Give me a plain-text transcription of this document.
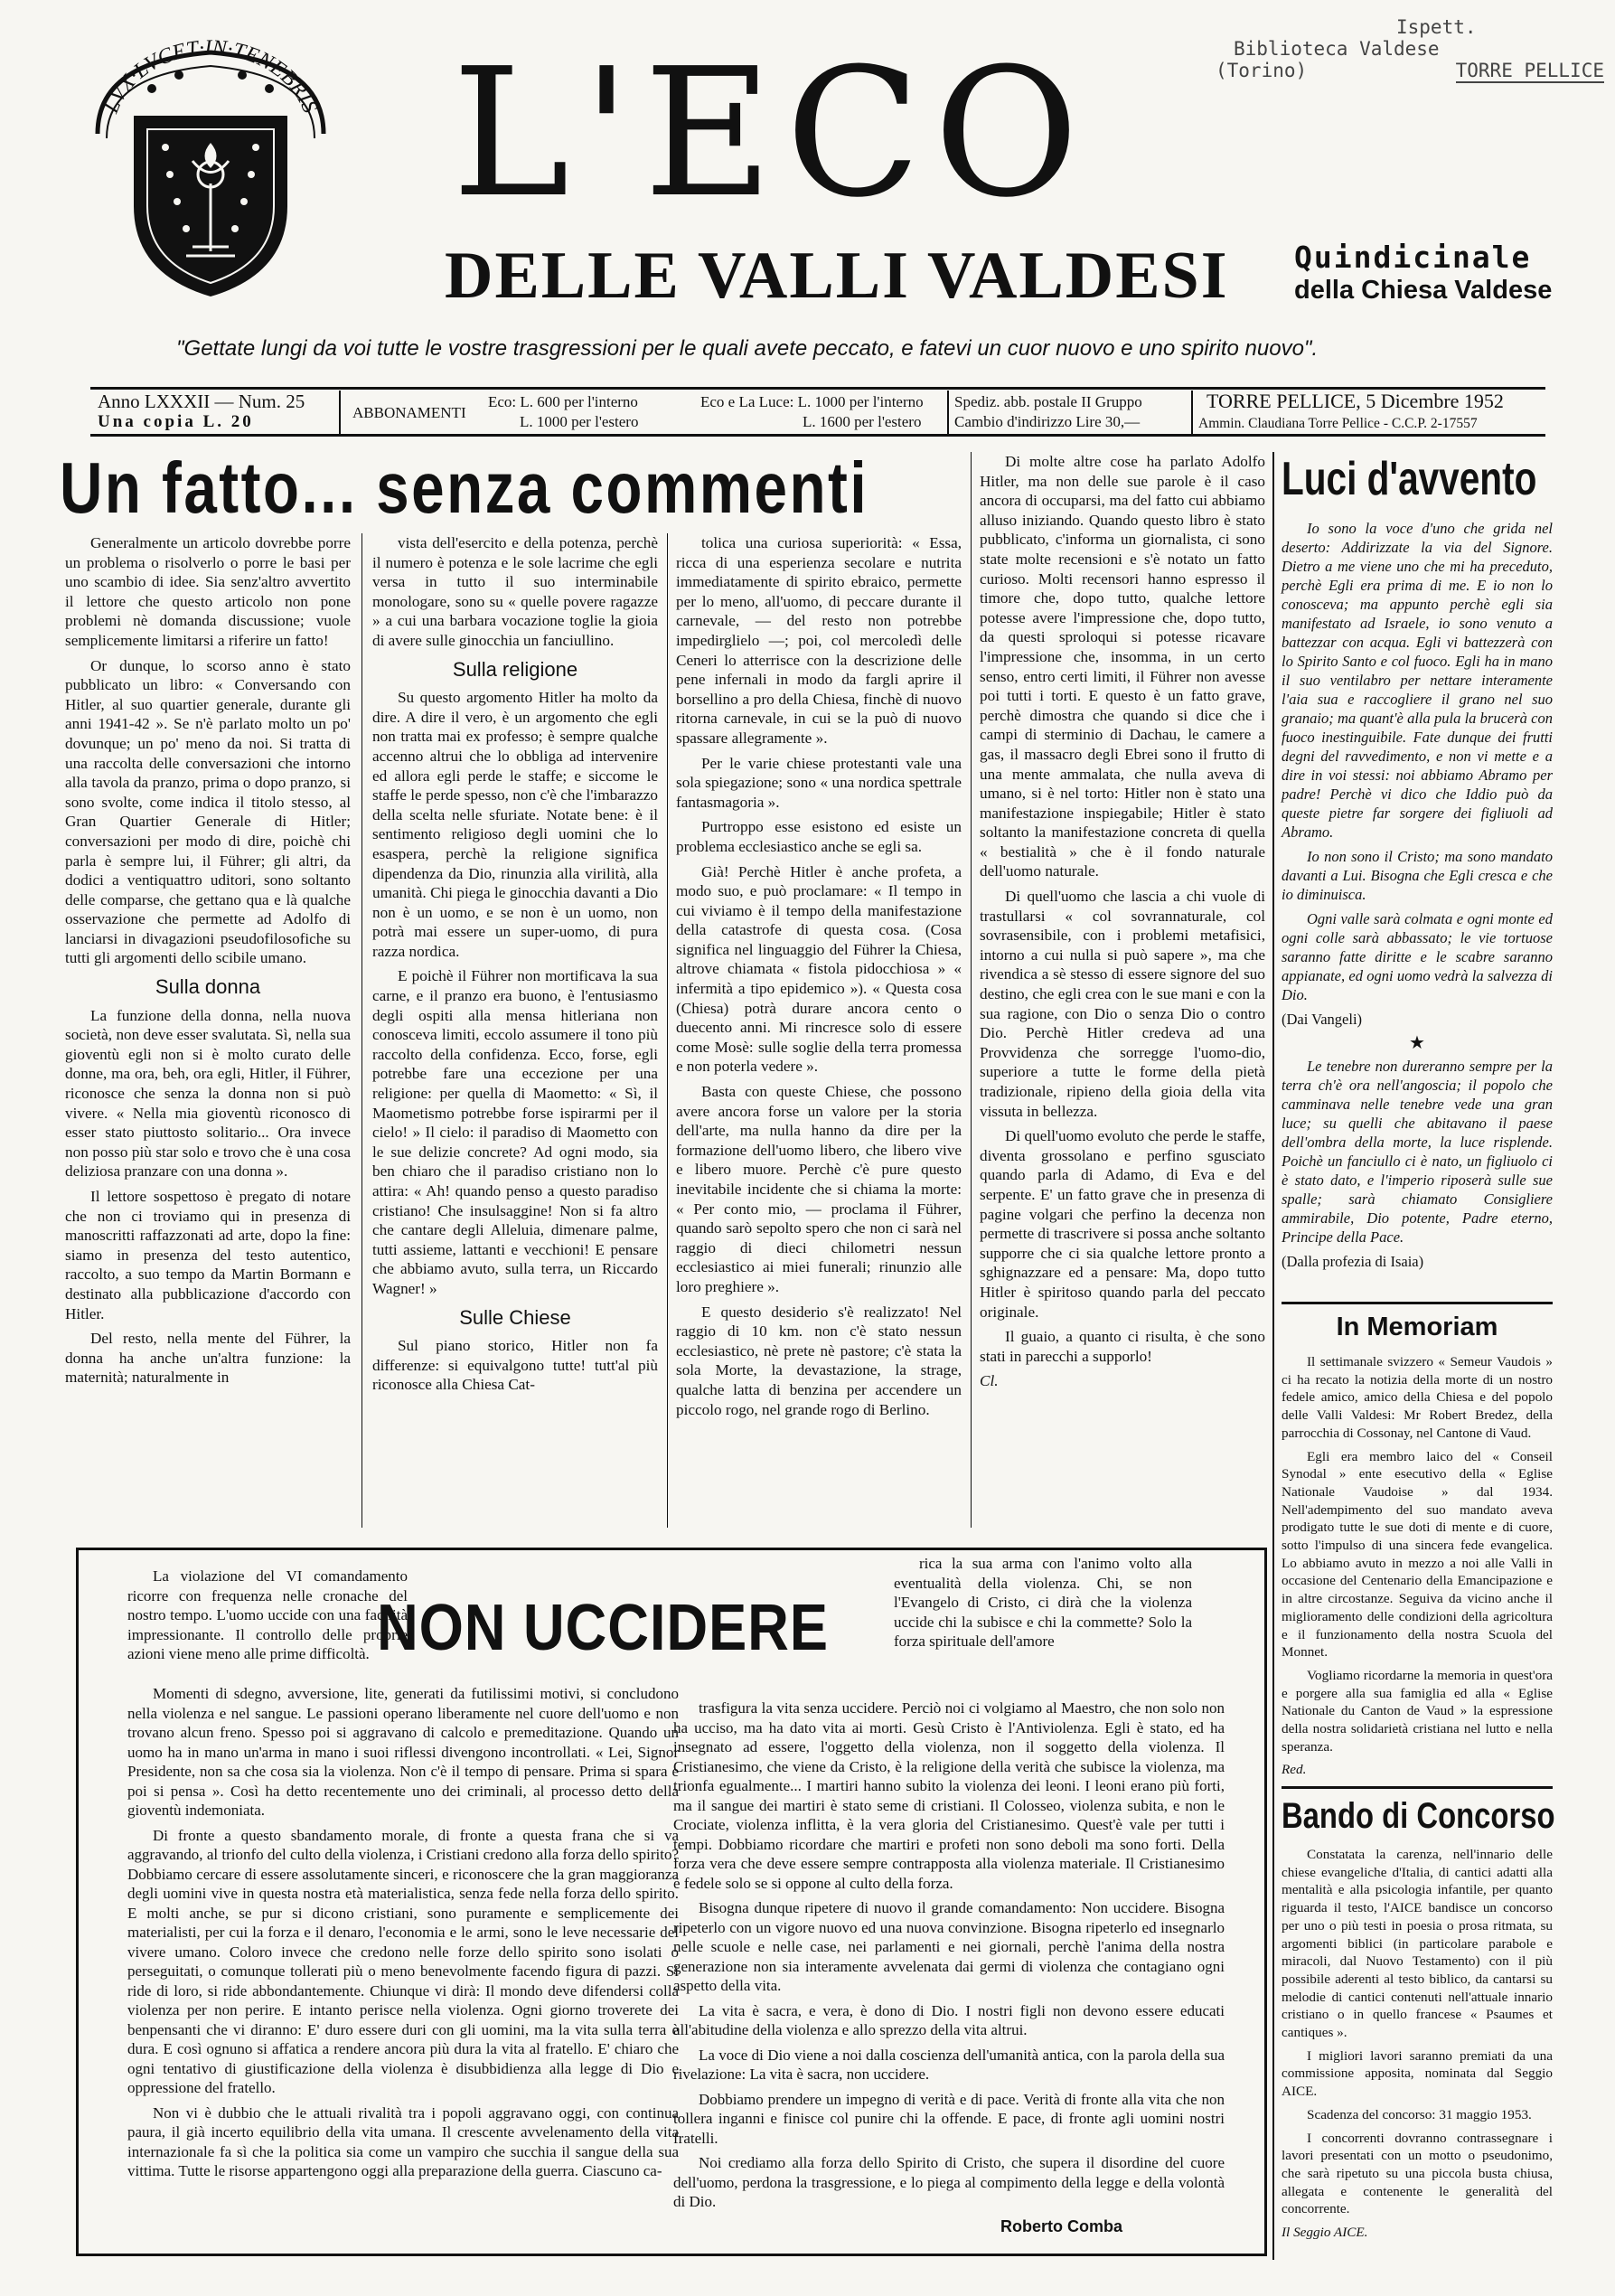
LVX·LVCET·IN·TENEBRIS L'ECO
DELLE VALLI VALDESI
Ispett.
Biblioteca Valdese
(Torino)	TORRE PELLICE
Quindicinale
della Chiesa Valdese
"Gettate lungi da voi tutte le vostre trasgressioni per le quali avete peccato, e fatevi un cuor nuovo e uno spirito nuovo".
Anno LXXXII — Num. 25
Una copia L. 20	ABBONAMENTI
Eco: L. 600 per l'interno
L. 1000 per l'estero
Eco e La Luce: L. 1000 per l'interno
L. 1600 per l'estero
Spediz. abb. postale II Gruppo
Cambio d'indirizzo Lire 30,—
TORRE PELLICE, 5 Dicembre 1952
Ammin. Claudiana Torre Pellice - C.C.P. 2-17557
Un fatto... senza commenti

Generalmente un articolo dovrebbe porre un problema o risolverlo o porre le basi per uno scambio di idee. Sia senz'altro avvertito il lettore che questo articolo non pone problemi nè domanda discussione; vuole semplicemente limitarsi a riferire un fatto!

Or dunque, lo scorso anno è stato pubblicato un libro: « Conversando con Hitler, al suo quartier generale, durante gli anni 1941-42 ». Se n'è parlato molto un po' dovunque; un po' meno da noi. Si tratta di una raccolta delle conversazioni che intorno alla tavola da pranzo, prima o dopo pranzo, si sono svolte, come indica il titolo stesso, al Gran Quartier Generale di Hitler; conversazioni per modo di dire, poichè chi parla è sempre lui, il Führer; gli altri, da dodici a ventiquattro uditori, sono soltanto delle comparse, che gettano qua e là qualche osservazione che permette ad Adolfo di lanciarsi in divagazioni pseudofilosofiche su tutti gli argomenti dello scibile umano.

Sulla donna

La funzione della donna, nella nuova società, non deve esser svalutata. Sì, nella sua gioventù egli non si è molto curato delle donne, ma ora, beh, ora egli, Hitler, il Führer, riconosce che senza la donna non si può vivere. « Nella mia gioventù riconosco di esser stato piuttosto solitario... Ora invece non posso più star solo e trovo che è una cosa deliziosa pranzare con una donna ».

Il lettore sospettoso è pregato di notare che non ci troviamo qui in presenza di manoscritti raffazzonati ad arte, dopo la fine: siamo in presenza del testo autentico, raccolto, a suo tempo da Martin Bormann e destinato alla pubblicazione d'accordo con Hitler.

Del resto, nella mente del Führer, la donna ha anche un'altra funzione: la maternità; naturalmente in

vista dell'esercito e della potenza, perchè il numero è potenza e le sole lacrime che egli versa in tutto il suo interminabile monologare, sono su « quelle povere ragazze » a cui una barbara vocazione toglie la gioia di avere sulle ginocchia un fanciullino.

Sulla religione

Su questo argomento Hitler ha molto da dire. A dire il vero, è un argomento che egli non tratta mai ex professo; è sempre qualche accenno altrui che lo obbliga ad intervenire ed allora egli perde le staffe; e siccome le staffe le perde spesso, non c'è che l'imbarazzo della scelta nelle sfuriate. Notate bene: è il sentimento religioso degli uomini che lo esaspera, perchè la religione significa dipendenza da Dio, rinunzia alla virilità, alla umanità. Chi piega le ginocchia davanti a Dio non è un uomo, e se non è un uomo, non potrà mai essere un super-uomo, di pura razza nordica.

E poichè il Führer non mortificava la sua carne, e il pranzo era buono, è l'entusiasmo degli ospiti alla mensa hitleriana non conosceva limiti, eccolo assumere il tono più raccolto della confidenza. Ecco, forse, egli potrebbe fare una eccezione per una religione: per quella di Maometto: « Sì, il Maometismo potrebbe forse ispirarmi per il cielo! » Il cielo: il paradiso di Maometto con le sue delizie concrete? Ad ogni modo, sia ben chiaro che il paradiso cristiano non lo attira: « Ah! quando penso a questo paradiso cristiano! Che insulsaggine! Non si fa altro che cantare degli Alleluia, dimenare palme, tutti assieme, lattanti e vecchioni! E pensare che abbiamo avuto, sulla terra, un Riccardo Wagner! »

Sulle Chiese

Sul piano storico, Hitler non fa differenze: si equivalgono tutte! tutt'al più riconosce alla Chiesa Cat-

tolica una curiosa superiorità: « Essa, ricca di una esperienza secolare e nutrita immediatamente di spirito ebraico, permette per lo meno, all'uomo, di peccare durante il carnevale, — del resto non potrebbe impedirglielo —; poi, col mercoledì delle Ceneri lo atterrisce con la descrizione delle pene infernali in modo da fargli aprire il borsellino a pro della Chiesa, finchè di nuovo ritorna carnevale, in cui se la può di nuovo spassare allegramente ».

Per le varie chiese protestanti vale una sola spiegazione; sono « una nordica spettrale fantasmagoria ».

Purtroppo esse esistono ed esiste un problema ecclesiastico anche se egli sa.

Già! Perchè Hitler è anche profeta, a modo suo, e può proclamare: « Il tempo in cui viviamo è il tempo della manifestazione della catastrofe di questa cosa. (Cosa significa nel linguaggio del Führer la Chiesa, altrove chiamata « fistola pidocchiosa » « infermità a tipo epidemico »). « Questa cosa (Chiesa) potrà durare ancora cento o duecento anni. Mi rincresce solo di essere come Mosè: sulle soglie della terra promessa e non poterla vedere ».

Basta con queste Chiese, che possono avere ancora forse un valore per la storia dell'arte, ma nulla hanno da dire per la formazione dell'uomo libero, che libero vive e libero muore. Perchè c'è pure questo inevitabile incidente che si chiama la morte: « Per conto mio, — proclama il Führer, quando sarò sepolto spero che non ci sarà nel raggio di dieci chilometri nessun ecclesiastico ai miei funerali; rinunzio alle loro preghiere ».

E questo desiderio s'è realizzato! Nel raggio di 10 km. non c'è stato nessun ecclesiastico, nè prete nè pastore; c'è stata la sola Morte, la devastazione, la strage, qualche latta di benzina per accendere un piccolo rogo, nel grande rogo di Berlino.

Di molte altre cose ha parlato Adolfo Hitler, ma non delle sue parole è il caso ancora di occuparsi, ma del fatto cui abbiamo alluso iniziando. Quando questo libro è stato pubblicato, c'informa un giornalista, ci sono state molte recensioni e s'è notato un fatto curioso. Molti recensori hanno espresso il timore che, dopo tutto, qualche lettore potesse avere l'impressione che, dopo tutto, da questi sproloqui si potesse ricavare l'impressione che, insomma, in un certo senso, entro certi limiti, il Führer non avesse poi tutti i torti. E questo è un fatto grave, perchè dimostra che quando si dice che i campi di sterminio di Dachau, le camere a gas, il massacro degli Ebrei sono il frutto di una mente ammalata, che nulla aveva di umano, si è nel torto: Hitler non è stato una manifestazione inspiegabile; Hitler è stato soltanto la manifestazione concreta di quella « bestialità » che è il fondo naturale dell'uomo naturale.

Di quell'uomo che lascia a chi vuole di trastullarsi « col sovrannaturale, col sovrasensibile, con i problemi metafisici, intorno a cui nulla si può sapere », ma che rivendica a sè stesso di essere signore del suo destino, che egli crea con le sue mani e con la sua ragione, con Dio o senza Dio o contro Dio. Perchè Hitler credeva ad una Provvidenza che sorregge l'uomo-dio, superiore a tutte le forme della pietà tradizionale, ripieno della gioia della vita vissuta in bellezza.

Di quell'uomo evoluto che perde le staffe, diventa grossolano e perfino sgusciato quando parla di Adamo, di Eva e del serpente. E' un fatto grave che in presenza di pagine volgari che perfino la decenza non permette di trascrivere si possa anche soltanto supporre che ci sia qualche lettore pronto a sghignazzare ed a pensare: Ma, dopo tutto Hitler è spiritoso quando parla del peccato originale.

Il guaio, a quanto ci risulta, è che sono stati in parecchi a supporlo!

Cl.

Luci d'avvento

Io sono la voce d'uno che grida nel deserto: Addirizzate la via del Signore. Dietro a me viene uno che mi ha preceduto, perchè Egli era prima di me. E io non lo conosceva; ma appunto perchè egli sia manifestato ad Israele, io sono venuto a battezzar con acqua. Egli vi battezzerà con lo Spirito Santo e col fuoco. Egli ha in mano il suo ventilabro per nettare interamente l'aia sua e raccogliere il grano nel suo granaio; ma quant'è alla pula la brucerà con fuoco inestinguibile. Fate dunque dei frutti degni del ravvedimento, e non vi mette e a dire in voi stessi: noi abbiamo Abramo per padre! Perchè vi dico che Iddio può da queste pietre far sorgere dei figliuoli ad Abramo.

Io non sono il Cristo; ma sono mandato davanti a Lui. Bisogna che Egli cresca e che io diminuisca.

Ogni valle sarà colmata e ogni monte ed ogni colle sarà abbassato; le vie tortuose saranno fatte diritte e le scabre saranno appianate, ed ogni uomo vedrà la salvezza di Dio.

(Dai Vangeli)

★

Le tenebre non dureranno sempre per la terra ch'è ora nell'angoscia; il popolo che camminava nelle tenebre vede una gran luce; su quelli che abitavano il paese dell'ombra della morte, la luce risplende. Poichè un fanciullo ci è nato, un figliuolo ci è stato dato, e l'imperio riposerà sulle sue spalle; sarà chiamato Consigliere ammirabile, Dio potente, Padre eterno, Principe della Pace.

(Dalla profezia di Isaia)

In Memoriam

Il settimanale svizzero « Semeur Vaudois » ci ha recato la notizia della morte di un nostro fedele amico, amico della Chiesa e del popolo delle Valli Valdesi: Mr Robert Bredez, della parrocchia di Cossonay, nel Cantone di Vaud.

Egli era membro laico del « Conseil Synodal » ente esecutivo della « Eglise Nationale Vaudoise » dal 1934. Nell'adempimento del suo mandato aveva prodigato tutte le sue doti di mente e di cuore, sotto l'impulso di una sincera fede evangelica. Lo abbiamo avuto in mezzo a noi alle Valli in occasione del Centenario della Emancipazione e in altre circostanze. Seguiva da vicino anche il miglioramento delle condizioni della agricoltura e il funzionamento della nostra Scuola del Monnet.

Vogliamo ricordarne la memoria in quest'ora e porgere alla sua famiglia ed alla « Eglise Nationale du Canton de Vaud » la espressione della nostra solidarietà cristiana nel lutto e nella speranza.

Red.

Bando di Concorso

Constatata la carenza, nell'innario delle chiese evangeliche d'Italia, di cantici adatti alla mentalità e alla psicologia infantile, per quanto riguarda il testo, l'AICE bandisce un concorso per uno o più testi in poesia o prosa ritmata, su argomenti biblici (in particolare parabole e miracoli, dal Nuovo Testamento) con il più possibile aderenti al testo biblico, da cantarsi su melodie di cantici contenuti nell'attuale innario cristiano o in quello francese « Psaumes et cantiques ».

I migliori lavori saranno premiati da una commissione apposita, nominata dal Seggio AICE.

Scadenza del concorso: 31 maggio 1953.

I concorrenti dovranno contrassegnare i lavori presentati con un motto o pseudonimo, che sarà ripetuto su una piccola busta chiusa, allegata e contenente le generalità del concorrente.

Il Seggio AICE.

La violazione del VI comandamento ricorre con frequenza nelle cronache del nostro tempo. L'uomo uccide con una facilità impressionante. Il controllo delle proprie azioni viene meno alle prime difficoltà. NON UCCIDERE

rica la sua arma con l'animo volto alla eventualità della violenza. Chi, se non l'Evangelo di Cristo, ci dirà che la violenza uccide chi la subisce e chi la commette? Solo la forza spirituale dell'amore

Momenti di sdegno, avversione, lite, generati da futilissimi motivi, si concludono nella violenza e nel sangue. Le passioni operano liberamente nel cuore dell'uomo e non trovano alcun freno. Spesso poi si aggravano di calcolo e premeditazione. Quando un uomo ha in mano un'arma in mano i suoi riflessi divengono incontrollati. « Lei, Signor Presidente, non sa che cosa sia la violenza. Non c'è il tempo di pensare. Prima si spara e poi si pensa ». Così ha detto recentemente uno dei criminali, al processo detto della gioventù indemoniata.

Di fronte a questo sbandamento morale, di fronte a questa frana che si va aggravando, al trionfo del culto della violenza, i Cristiani credono alla forza dello spirito? Dobbiamo cercare di essere assolutamente sinceri, e riconoscere che la gran maggioranza degli uomini vive in questa nostra età materialistica, senza fede nella forza dello spirito. E molti anche, se pur si dicono cristiani, sono puramente e semplicemente dei materialisti, per cui la forza e il denaro, l'economia e le armi, sono le leve necessarie del vivere umano. Coloro invece che credono nelle forze dello spirito sono isolati o perseguitati, o comunque tollerati più o meno benevolmente facendo figura di pazzi. Si ride di loro, si ride abbondantemente. Chiunque vi dirà: Il mondo deve difendersi colla violenza per non perire. E intanto perisce nella violenza. Ogni giorno troverete dei benpensanti che vi diranno: E' duro essere duri con gli uomini, ma la vita sulla terra è dura. E così ognuno si affatica a rendere ancora più dura la vita al fratello. E' chiaro che ogni tentativo di giustificazione della violenza è disubbidienza alla legge di Dio e oppressione del fratello.

Non vi è dubbio che le attuali rivalità tra i popoli aggravano oggi, con continua paura, il già incerto equilibrio della vita umana. Il crescente avvelenamento della vita internazionale fa sì che la politica sia come un vampiro che succhia il sangue della sua vittima. Tutte le risorse appartengono oggi alla preparazione della guerra. Ciascuno ca-

trasfigura la vita senza uccidere. Perciò noi ci volgiamo al Maestro, che non solo non ha ucciso, ma ha dato vita ai morti. Gesù Cristo è l'Antiviolenza. Egli è stato, ed ha insegnato ad essere, l'oggetto della violenza, non il soggetto della violenza. Il Cristianesimo, che viene da Cristo, è la religione della verità che subisce la violenza, ma trionfa egualmente... I martiri hanno subito la violenza dei leoni. I leoni erano più forti, ma il sangue dei martiri è stato seme di cristiani. Il Colosseo, violenza subita, e non le Crociate, violenza inflitta, è la vera gloria del Cristianesimo. Quest'è vale per tutti i tempi. Dobbiamo ricordare che martiri e profeti non sono deboli ma sono forti. Della forza vera che deve essere sempre contrapposta alla violenza materiale. Il Cristianesimo è fedele solo se si oppone al culto della forza.

Bisogna dunque ripetere di nuovo il grande comandamento: Non uccidere. Bisogna ripeterlo con un vigore nuovo ed una nuova convinzione. Bisogna ripeterlo ed insegnarlo nelle scuole e nelle case, nei parlamenti e nei giornali, perchè l'anima della nostra generazione non sia interamente avvelenata dai germi di violenza che contagiano ogni aspetto della vita.

La vita è sacra, e vera, è dono di Dio. I nostri figli non devono essere educati all'abitudine della violenza e allo sprezzo della vita altrui.

La voce di Dio viene a noi dalla coscienza dell'umanità antica, con la parola della sua rivelazione: La vita è sacra, non uccidere.

Dobbiamo prendere un impegno di verità e di pace. Verità di fronte alla vita che non tollera inganni e finisce col punire chi la offende. E pace, di fronte agli uomini nostri fratelli.

Noi crediamo alla forza dello Spirito di Cristo, che supera il disordine del cuore dell'uomo, perdona la trasgressione, e lo piega al compimento della legge e della volontà di Dio.

Roberto Comba
